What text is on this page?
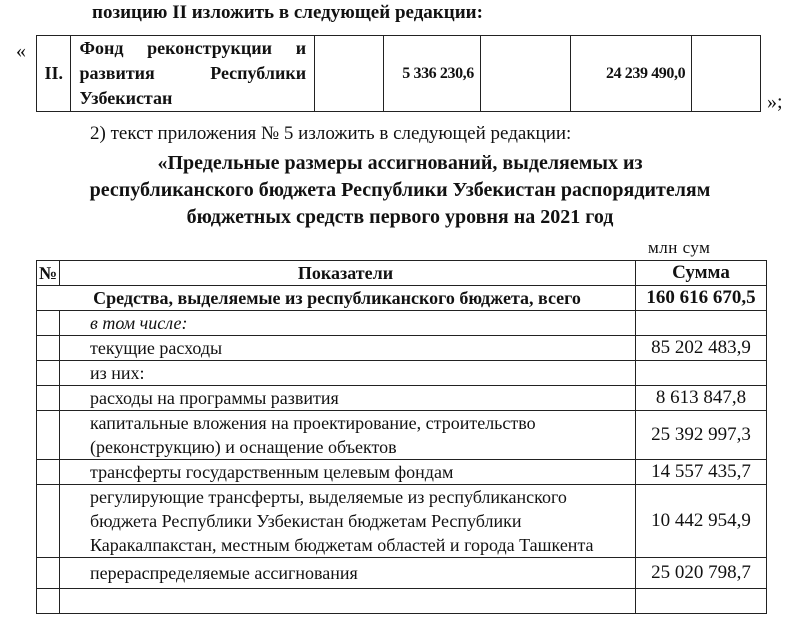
позицию II изложить в следующей редакции:
«
II.	Фонд реконструкции и развития Республики Узбекистан		5 336 230,6		24 239 490,0	
»;
2) текст приложения № 5 изложить в следующей редакции:
«Предельные размеры ассигнований, выделяемых из
республиканского бюджета Республики Узбекистан распорядителям
бюджетных средств первого уровня на 2021 год
млн сум
№	Показатели	Сумма
Средства, выделяемые из республиканского бюджета, всего		160 616 670,5
	в том числе:	
	текущие расходы	85 202 483,9
	из них:	
	расходы на программы развития	8 613 847,8
	капитальные вложения на проектирование, строительство (реконструкцию) и оснащение объектов	25 392 997,3
	трансферты государственным целевым фондам	14 557 435,7
	регулирующие трансферты, выделяемые из республиканского бюджета Республики Узбекистан бюджетам Республики Каракалпакстан, местным бюджетам областей и города Ташкента	10 442 954,9
	перераспределяемые ассигнования	25 020 798,7
